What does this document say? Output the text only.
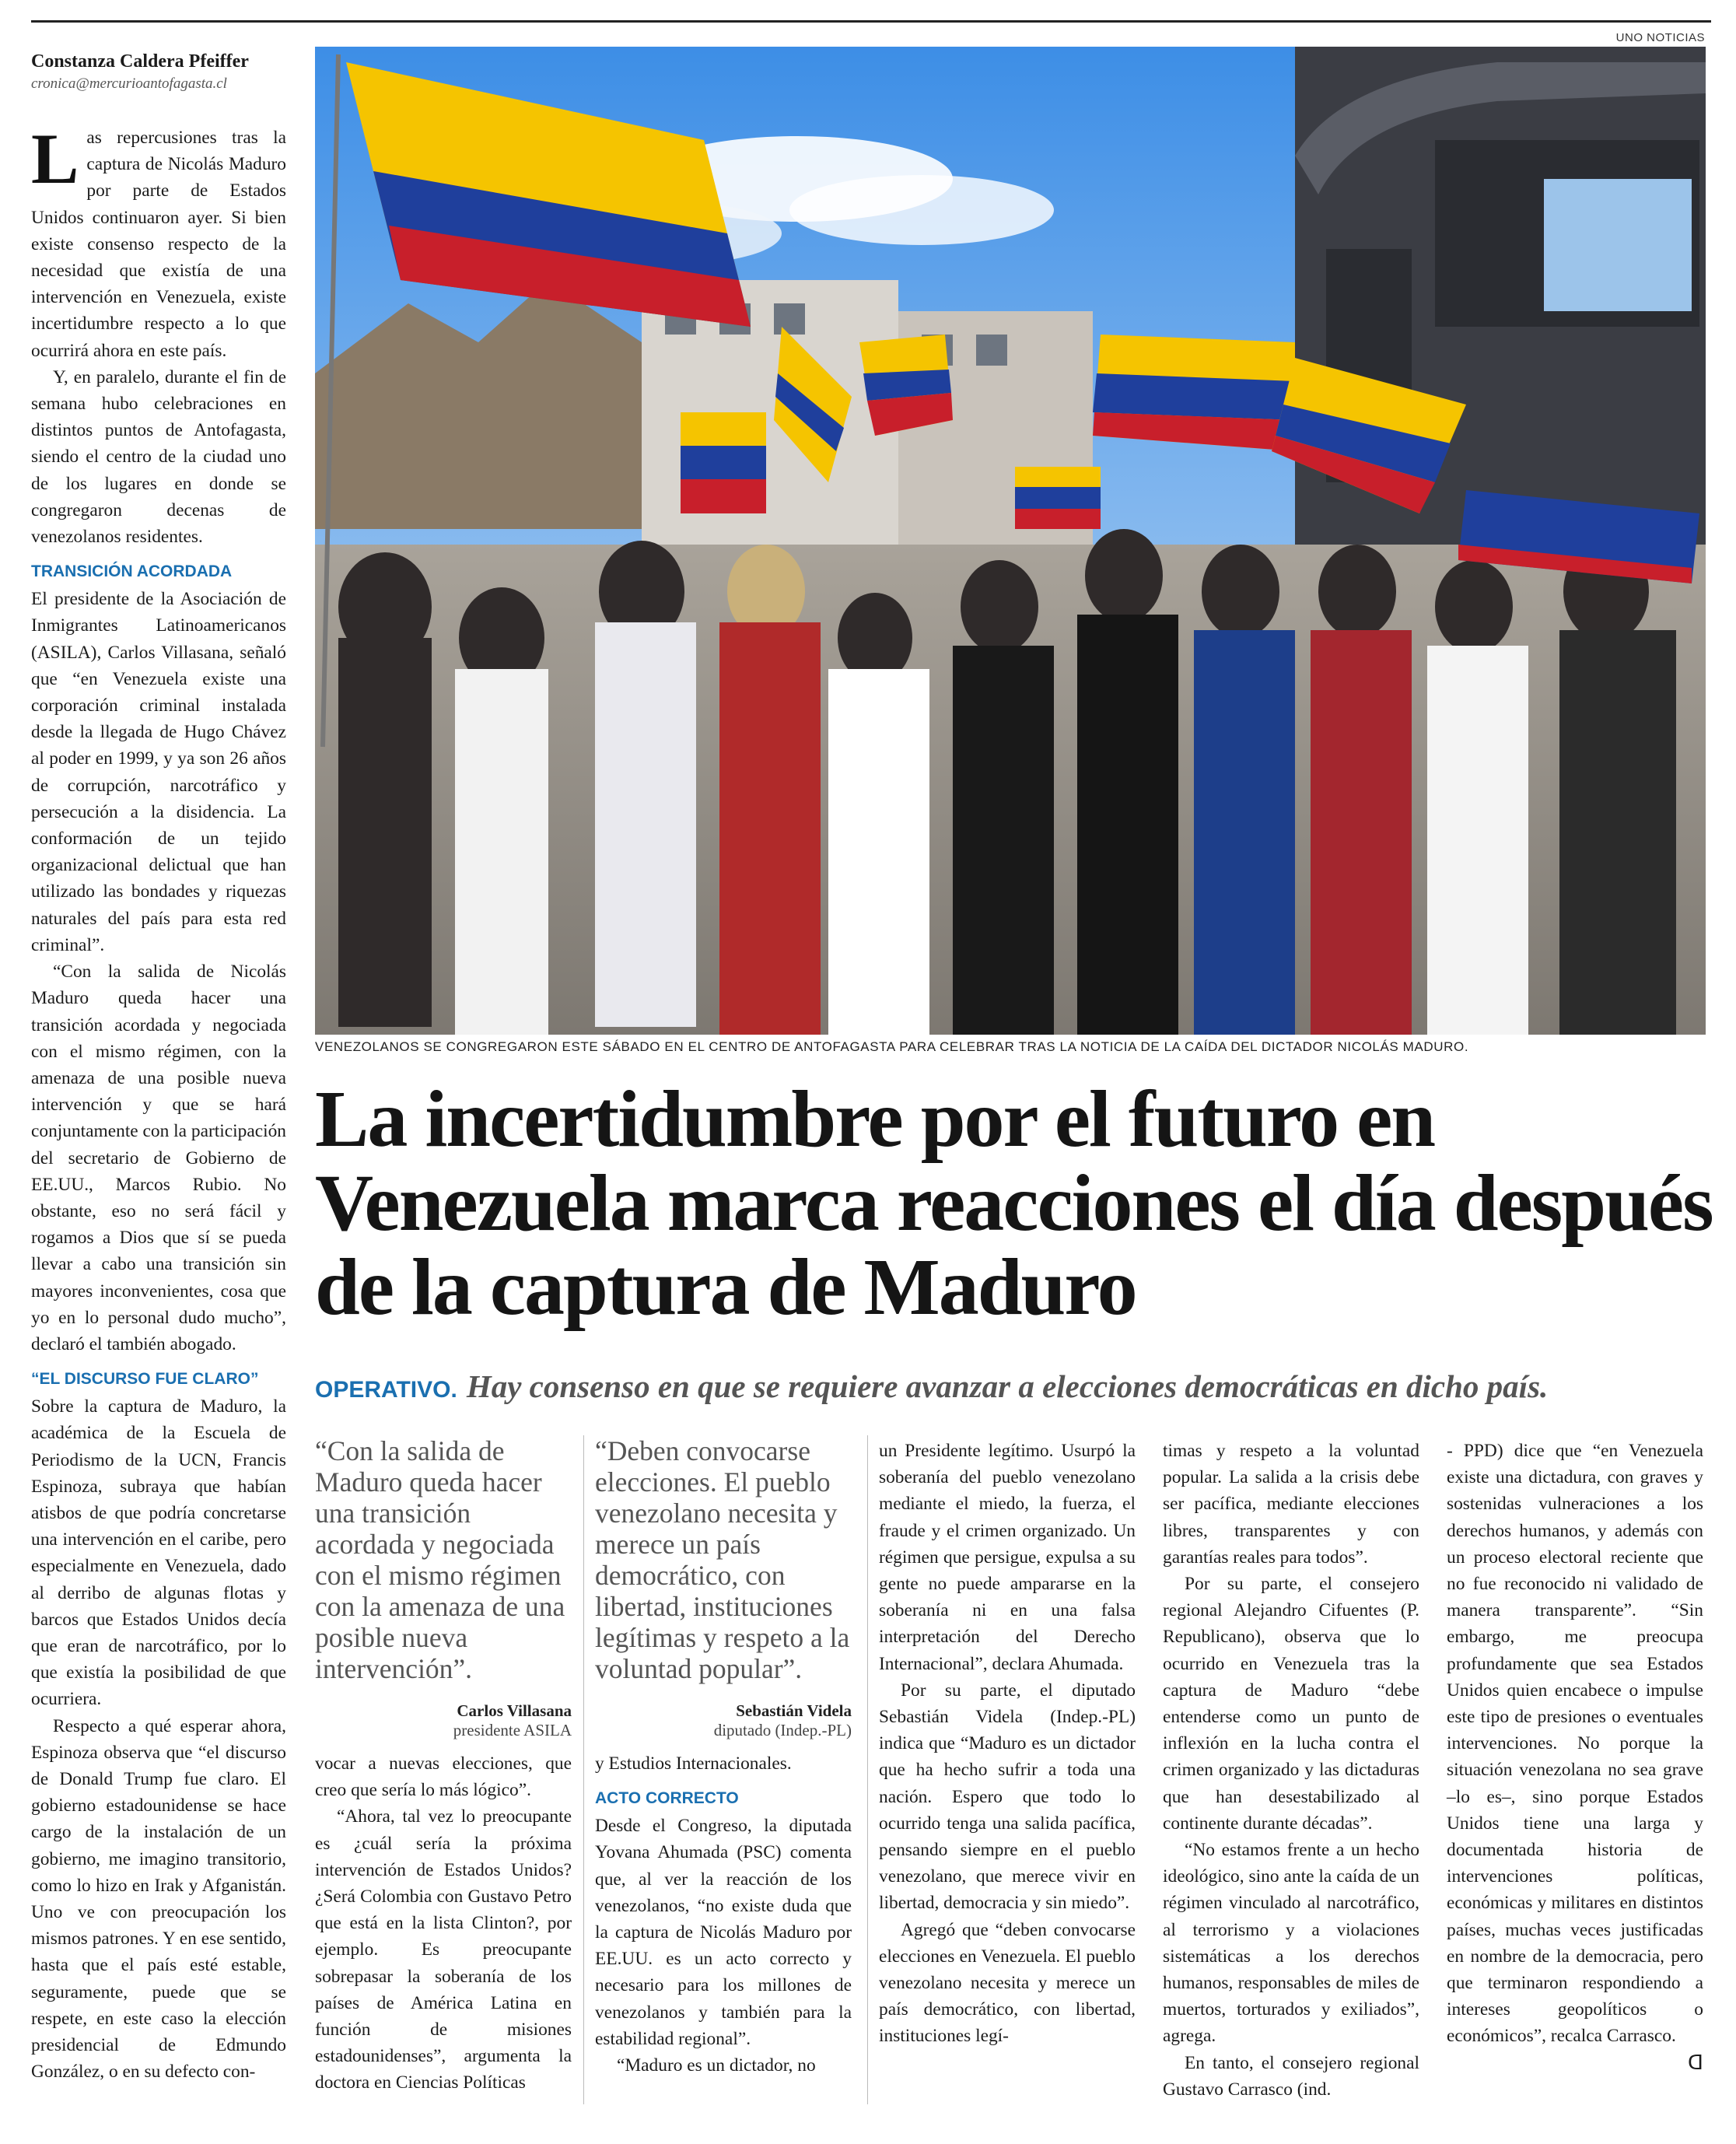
UNO NOTICIAS
Constanza Caldera Pfeiffer
cronica@mercurioantofagasta.cl

Las repercusiones tras la captura de Nicolás Maduro por parte de Estados Unidos continuaron ayer. Si bien existe consenso respecto de la necesidad que existía de una intervención en Venezuela, existe incertidumbre respecto a lo que ocurrirá ahora en este país.

Y, en paralelo, durante el fin de semana hubo celebraciones en distintos puntos de Antofagasta, siendo el centro de la ciudad uno de los lugares en donde se congregaron decenas de venezolanos residentes.

TRANSICIÓN ACORDADA

El presidente de la Asociación de Inmigrantes Latinoamericanos (ASILA), Carlos Villasana, señaló que “en Venezuela existe una corporación criminal instalada desde la llegada de Hugo Chávez al poder en 1999, y ya son 26 años de corrupción, narcotráfico y persecución a la disidencia. La conformación de un tejido organizacional delictual que han utilizado las bondades y riquezas naturales del país para esta red criminal”.

“Con la salida de Nicolás Maduro queda hacer una transición acordada y negociada con el mismo régimen, con la amenaza de una posible nueva intervención y que se hará conjuntamente con la participación del secretario de Gobierno de EE.UU., Marcos Rubio. No obstante, eso no será fácil y rogamos a Dios que sí se pueda llevar a cabo una transición sin mayores inconvenientes, cosa que yo en lo personal dudo mucho”, declaró el también abogado.

“EL DISCURSO FUE CLARO”

Sobre la captura de Maduro, la académica de la Escuela de Periodismo de la UCN, Francis Espinoza, subraya que habían atisbos de que podría concretarse una intervención en el caribe, pero especialmente en Venezuela, dado al derribo de algunas flotas y barcos que Estados Unidos decía que eran de narcotráfico, por lo que existía la posibilidad de que ocurriera.

Respecto a qué esperar ahora, Espinoza observa que “el discurso de Donald Trump fue claro. El gobierno estadounidense se hace cargo de la instalación de un gobierno, me imagino transitorio, como lo hizo en Irak y Afganistán. Uno ve con preocupación los mismos patrones. Y en ese sentido, hasta que el país esté estable, seguramente, puede que se respete, en este caso la elección presidencial de Edmundo González, o en su defecto con-

VENEZOLANOS SE CONGREGARON ESTE SÁBADO EN EL CENTRO DE ANTOFAGASTA PARA CELEBRAR TRAS LA NOTICIA DE LA CAÍDA DEL DICTADOR NICOLÁS MADURO.
La incertidumbre por el futuro en Venezuela marca reacciones el día después de la captura de Maduro
OPERATIVO. Hay consenso en que se requiere avanzar a elecciones democráticas en dicho país.
“Con la salida de Maduro queda hacer una transición acordada y negociada con el mismo régimen con la amenaza de una posible nueva intervención”.
Carlos Villasana
presidente ASILA
“Deben convocarse elecciones. El pueblo venezolano necesita y merece un país democrático, con libertad, instituciones legítimas y respeto a la voluntad popular”.
Sebastián Videla
diputado (Indep.-PL)

vocar a nuevas elecciones, que creo que sería lo más lógico”.

“Ahora, tal vez lo preocupante es ¿cuál sería la próxima intervención de Estados Unidos? ¿Será Colombia con Gustavo Petro que está en la lista Clinton?, por ejemplo. Es preocupante sobrepasar la soberanía de los países de América Latina en función de misiones estadounidenses”, argumenta la doctora en Ciencias Políticas

y Estudios Internacionales.

ACTO CORRECTO

Desde el Congreso, la diputada Yovana Ahumada (PSC) comenta que, al ver la reacción de los venezolanos, “no existe duda que la captura de Nicolás Maduro por EE.UU. es un acto correcto y necesario para los millones de venezolanos y también para la estabilidad regional”.

“Maduro es un dictador, no

un Presidente legítimo. Usurpó la soberanía del pueblo venezolano mediante el miedo, la fuerza, el fraude y el crimen organizado. Un régimen que persigue, expulsa a su gente no puede ampararse en la soberanía ni en una falsa interpretación del Derecho Internacional”, declara Ahumada.

Por su parte, el diputado Sebastián Videla (Indep.-PL) indica que “Maduro es un dictador que ha hecho sufrir a toda una nación. Espero que todo lo ocurrido tenga una salida pacífica, pensando siempre en el pueblo venezolano, que merece vivir en libertad, democracia y sin miedo”.

Agregó que “deben convocarse elecciones en Venezuela. El pueblo venezolano necesita y merece un país democrático, con libertad, instituciones legí-

timas y respeto a la voluntad popular. La salida a la crisis debe ser pacífica, mediante elecciones libres, transparentes y con garantías reales para todos”.

Por su parte, el consejero regional Alejandro Cifuentes (P. Republicano), observa que lo ocurrido en Venezuela tras la captura de Maduro “debe entenderse como un punto de inflexión en la lucha contra el crimen organizado y las dictaduras que han desestabilizado al continente durante décadas”.

“No estamos frente a un hecho ideológico, sino ante la caída de un régimen vinculado al narcotráfico, al terrorismo y a violaciones sistemáticas a los derechos humanos, responsables de miles de muertos, torturados y exiliados”, agrega.

En tanto, el consejero regional Gustavo Carrasco (ind.

- PPD) dice que “en Venezuela existe una dictadura, con graves y sostenidas vulneraciones a los derechos humanos, y además con un proceso electoral reciente que no fue reconocido ni validado de manera transparente”. “Sin embargo, me preocupa profundamente que sea Estados Unidos quien encabece o impulse este tipo de presiones o eventuales intervenciones. No porque la situación venezolana no sea grave –lo es–, sino porque Estados Unidos tiene una larga y documentada historia de intervenciones políticas, económicas y militares en distintos países, muchas veces justificadas en nombre de la democracia, pero que terminaron respondiendo a intereses geopolíticos o económicos”, recalca Carrasco.

ᗡ
